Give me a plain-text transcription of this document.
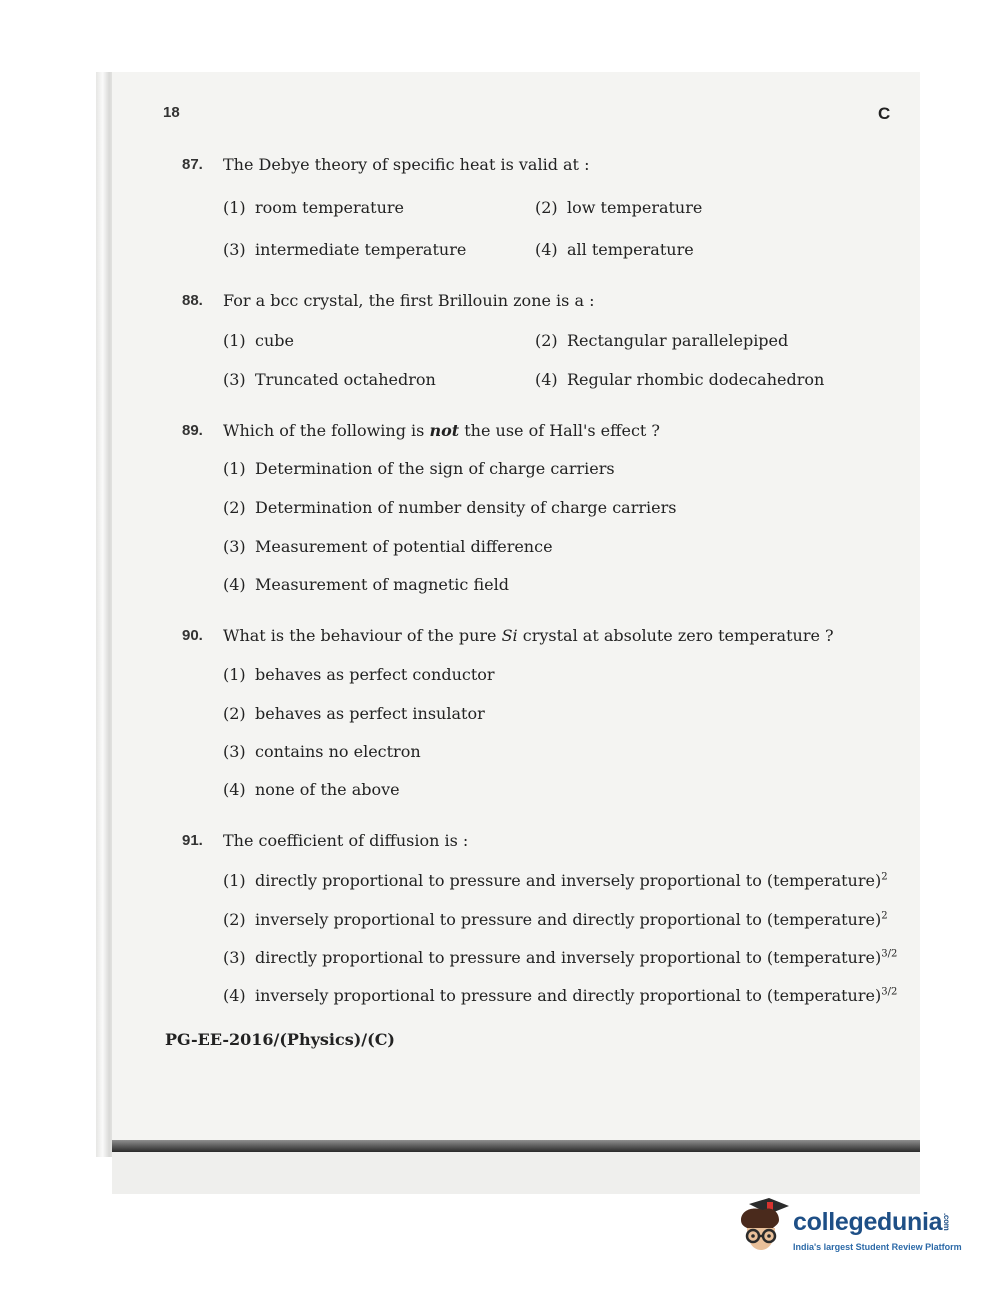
18	C
87. The Debye theory of specific heat is valid at :
(1) room temperature	(2) low temperature
(3) intermediate temperature	(4) all temperature
88. For a bcc crystal, the first Brillouin zone is a :
(1) cube	(2) Rectangular parallelepiped
(3) Truncated octahedron	(4) Regular rhombic dodecahedron
89. Which of the following is not the use of Hall's effect ?
(1) Determination of the sign of charge carriers
(2) Determination of number density of charge carriers
(3) Measurement of potential difference
(4) Measurement of magnetic field
90. What is the behaviour of the pure Si crystal at absolute zero temperature ?
(1) behaves as perfect conductor
(2) behaves as perfect insulator
(3) contains no electron
(4) none of the above
91. The coefficient of diffusion is :
(1) directly proportional to pressure and inversely proportional to (temperature)$^2$
(2) inversely proportional to pressure and directly proportional to (temperature)$^2$
(3) directly proportional to pressure and inversely proportional to (temperature)$^{3/2}$
(4) inversely proportional to pressure and directly proportional to (temperature)$^{3/2}$
PG-EE-2016/(Physics)/(C)
collegedunia.com
India's largest Student Review Platform
